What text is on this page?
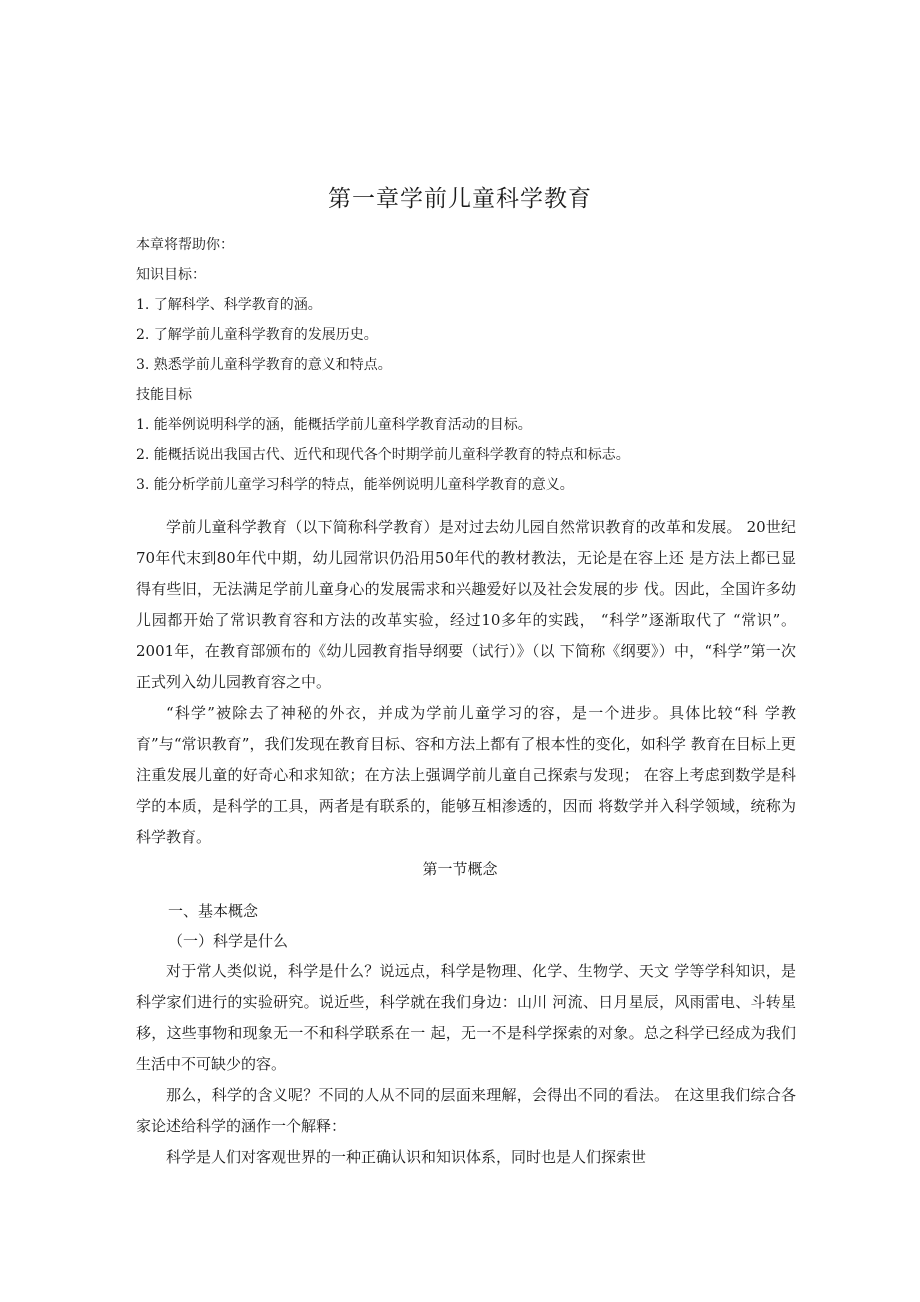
第一章学前儿童科学教育
本章将帮助你：
知识目标：
1. 了解科学、科学教育的涵。
2. 了解学前儿童科学教育的发展历史。
3. 熟悉学前儿童科学教育的意义和特点。
技能目标
1. 能举例说明科学的涵，能概括学前儿童科学教育活动的目标。
2. 能概括说出我国古代、近代和现代各个时期学前儿童科学教育的特点和标志。
3. 能分析学前儿童学习科学的特点，能举例说明儿童科学教育的意义。

学前儿童科学教育（以下简称科学教育）是对过去幼儿园自然常识教育的改革和发展。 20世纪70年代末到80年代中期，幼儿园常识仍沿用50年代的教材教法，无论是在容上还 是方法上都已显得有些旧，无法满足学前儿童身心的发展需求和兴趣爱好以及社会发展的步 伐。因此，全国许多幼儿园都开始了常识教育容和方法的改革实验，经过10多年的实践， “科学”逐渐取代了 “常识”。2001年，在教育部颁布的《幼儿园教育指导纲要（试行）》（以 下简称《纲要》）中，“科学”第一次正式列入幼儿园教育容之中。

“科学”被除去了神秘的外衣，并成为学前儿童学习的容，是一个进步。具体比较“科 学教育”与“常识教育”，我们发现在教育目标、容和方法上都有了根本性的变化，如科学 教育在目标上更注重发展儿童的好奇心和求知欲；在方法上强调学前儿童自己探索与发现； 在容上考虑到数学是科学的本质，是科学的工具，两者是有联系的，能够互相渗透的，因而 将数学并入科学领域，统称为科学教育。

第一节概念
一、基本概念
（一）科学是什么

对于常人类似说，科学是什么？说远点，科学是物理、化学、生物学、天文 学等学科知识，是科学家们进行的实验研究。说近些，科学就在我们身边：山川 河流、日月星辰，风雨雷电、斗转星移，这些事物和现象无一不和科学联系在一 起，无一不是科学探索的对象。总之科学已经成为我们生活中不可缺少的容。

那么，科学的含义呢？不同的人从不同的层面来理解，会得出不同的看法。 在这里我们综合各家论述给科学的涵作一个解释：

科学是人们对客观世界的一种正确认识和知识体系，同时也是人们探索世
